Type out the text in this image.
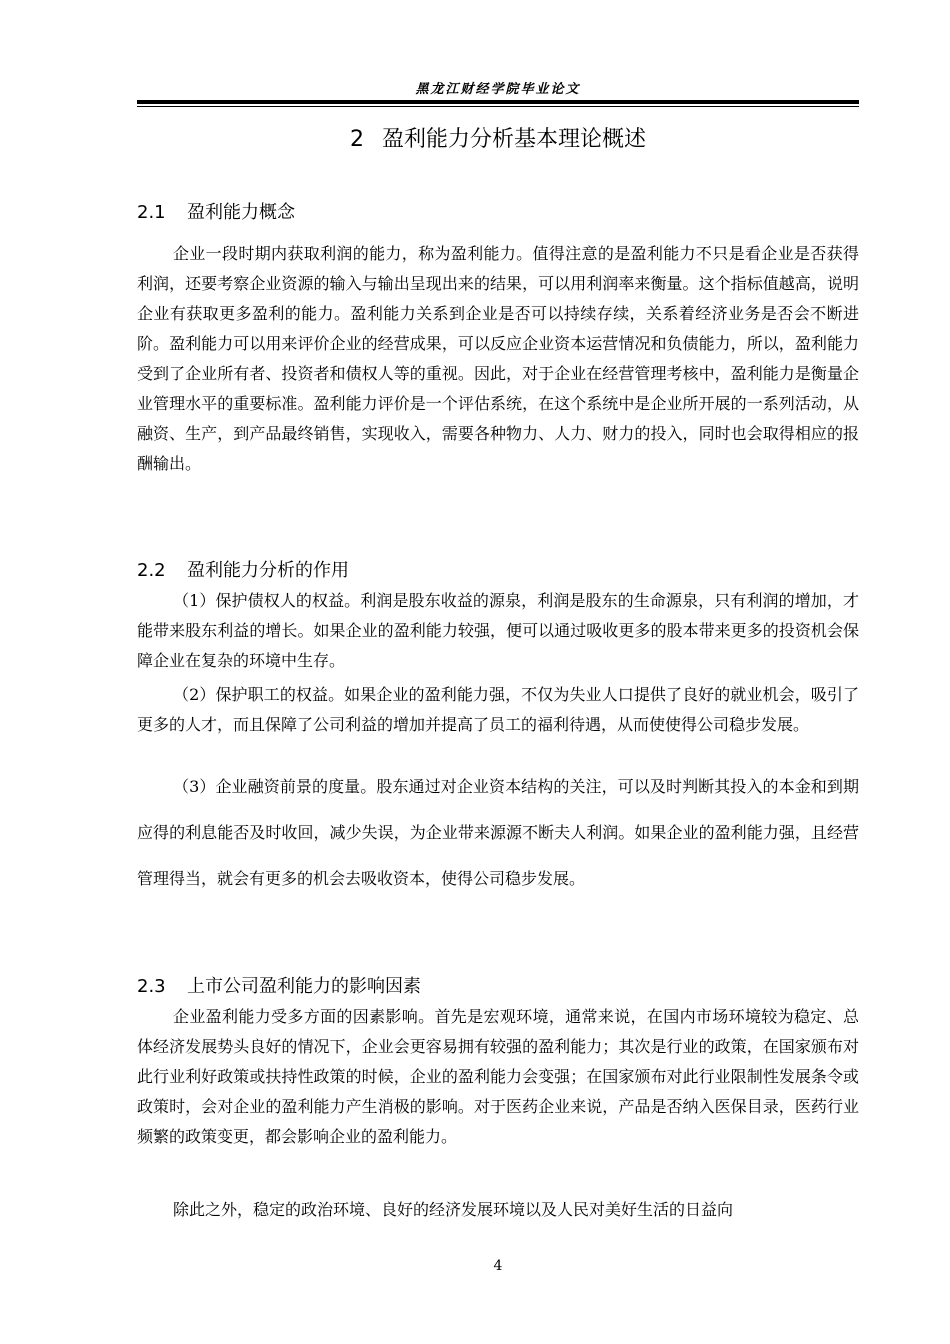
黑龙江财经学院毕业论文
2 盈利能力分析基本理论概述
2.1 盈利能力概念
企业一段时期内获取利润的能力，称为盈利能力。值得注意的是盈利能力不只是看企业是否获得利润，还要考察企业资源的输入与输出呈现出来的结果，可以用利润率来衡量。这个指标值越高，说明企业有获取更多盈利的能力。盈利能力关系到企业是否可以持续存续，关系着经济业务是否会不断进阶。盈利能力可以用来评价企业的经营成果，可以反应企业资本运营情况和负债能力，所以，盈利能力受到了企业所有者、投资者和债权人等的重视。因此，对于企业在经营管理考核中，盈利能力是衡量企业管理水平的重要标准。盈利能力评价是一个评估系统，在这个系统中是企业所开展的一系列活动，从融资、生产，到产品最终销售，实现收入，需要各种物力、人力、财力的投入，同时也会取得相应的报酬输出。
2.2 盈利能力分析的作用
（1）保护债权人的权益。利润是股东收益的源泉，利润是股东的生命源泉，只有利润的增加，才能带来股东利益的增长。如果企业的盈利能力较强，便可以通过吸收更多的股本带来更多的投资机会保障企业在复杂的环境中生存。
（2）保护职工的权益。如果企业的盈利能力强，不仅为失业人口提供了良好的就业机会，吸引了更多的人才，而且保障了公司利益的增加并提高了员工的福利待遇，从而使使得公司稳步发展。
（3）企业融资前景的度量。股东通过对企业资本结构的关注，可以及时判断其投入的本金和到期应得的利息能否及时收回，减少失误，为企业带来源源不断夫人利润。如果企业的盈利能力强，且经营管理得当，就会有更多的机会去吸收资本，使得公司稳步发展。
2.3 上市公司盈利能力的影响因素
企业盈利能力受多方面的因素影响。首先是宏观环境，通常来说，在国内市场环境较为稳定、总体经济发展势头良好的情况下，企业会更容易拥有较强的盈利能力；其次是行业的政策，在国家颁布对此行业利好政策或扶持性政策的时候，企业的盈利能力会变强；在国家颁布对此行业限制性发展条令或政策时，会对企业的盈利能力产生消极的影响。对于医药企业来说，产品是否纳入医保目录，医药行业频繁的政策变更，都会影响企业的盈利能力。
除此之外，稳定的政治环境、良好的经济发展环境以及人民对美好生活的日益向
4
